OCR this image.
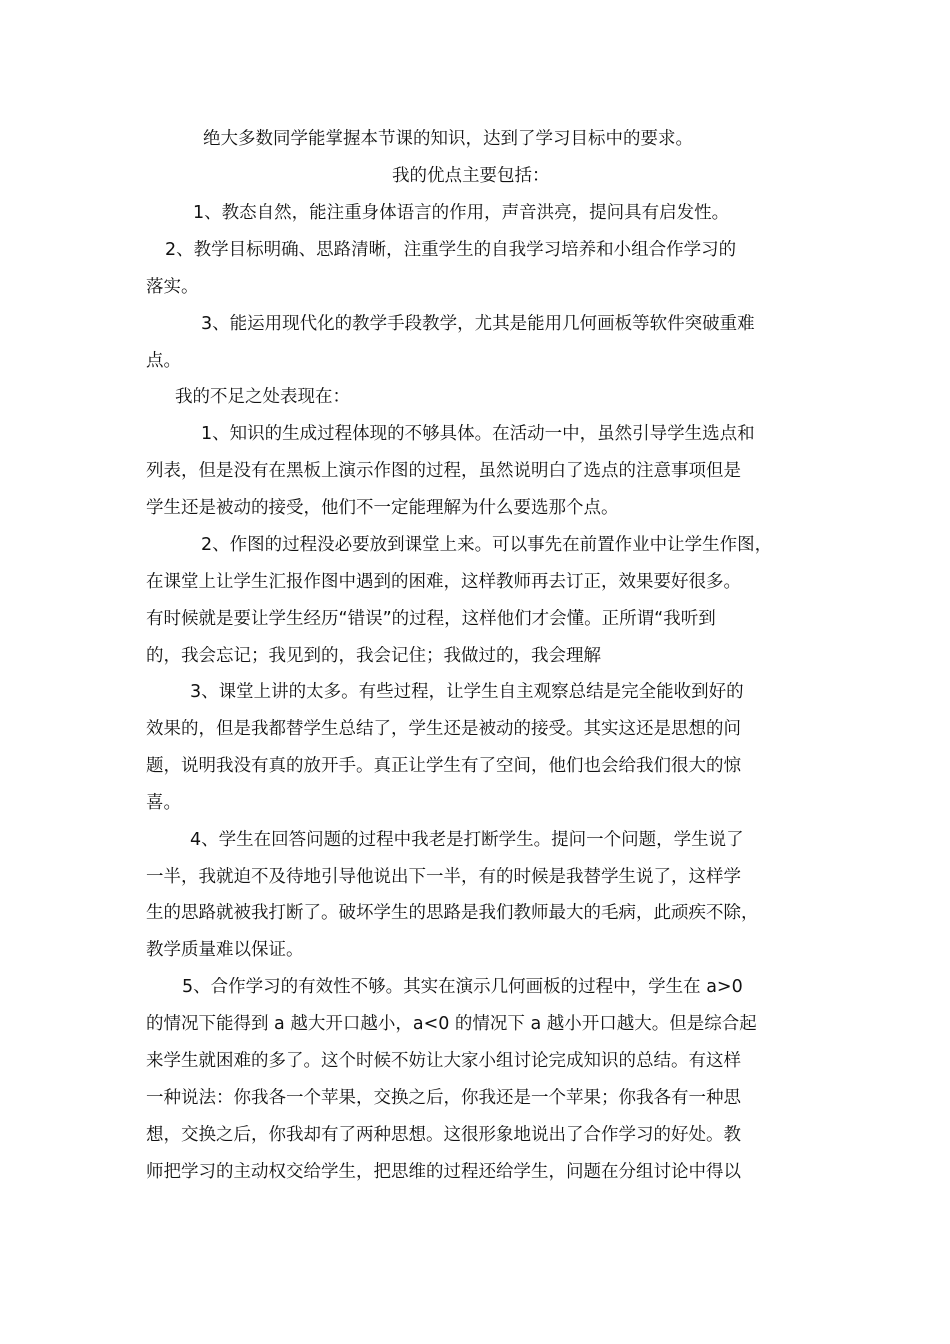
绝大多数同学能掌握本节课的知识，达到了学习目标中的要求。
我的优点主要包括：
1、教态自然，能注重身体语言的作用，声音洪亮，提问具有启发性。
2、教学目标明确、思路清晰，注重学生的自我学习培养和小组合作学习的
落实。
3、能运用现代化的教学手段教学，尤其是能用几何画板等软件突破重难
点。
我的不足之处表现在：
1、知识的生成过程体现的不够具体。在活动一中，虽然引导学生选点和
列表，但是没有在黑板上演示作图的过程，虽然说明白了选点的注意事项但是
学生还是被动的接受，他们不一定能理解为什么要选那个点。
2、作图的过程没必要放到课堂上来。可以事先在前置作业中让学生作图，
在课堂上让学生汇报作图中遇到的困难，这样教师再去订正，效果要好很多。
有时候就是要让学生经历“错误”的过程，这样他们才会懂。正所谓“我听到
的，我会忘记；我见到的，我会记住；我做过的，我会理解
3、课堂上讲的太多。有些过程，让学生自主观察总结是完全能收到好的
效果的，但是我都替学生总结了，学生还是被动的接受。其实这还是思想的问
题，说明我没有真的放开手。真正让学生有了空间，他们也会给我们很大的惊
喜。
4、学生在回答问题的过程中我老是打断学生。提问一个问题，学生说了
一半，我就迫不及待地引导他说出下一半，有的时候是我替学生说了，这样学
生的思路就被我打断了。破坏学生的思路是我们教师最大的毛病，此顽疾不除，
教学质量难以保证。
5、合作学习的有效性不够。其实在演示几何画板的过程中，学生在 a>0
的情况下能得到 a 越大开口越小，a<0 的情况下 a 越小开口越大。但是综合起
来学生就困难的多了。这个时候不妨让大家小组讨论完成知识的总结。有这样
一种说法：你我各一个苹果，交换之后，你我还是一个苹果；你我各有一种思
想，交换之后，你我却有了两种思想。这很形象地说出了合作学习的好处。教
师把学习的主动权交给学生，把思维的过程还给学生，问题在分组讨论中得以
